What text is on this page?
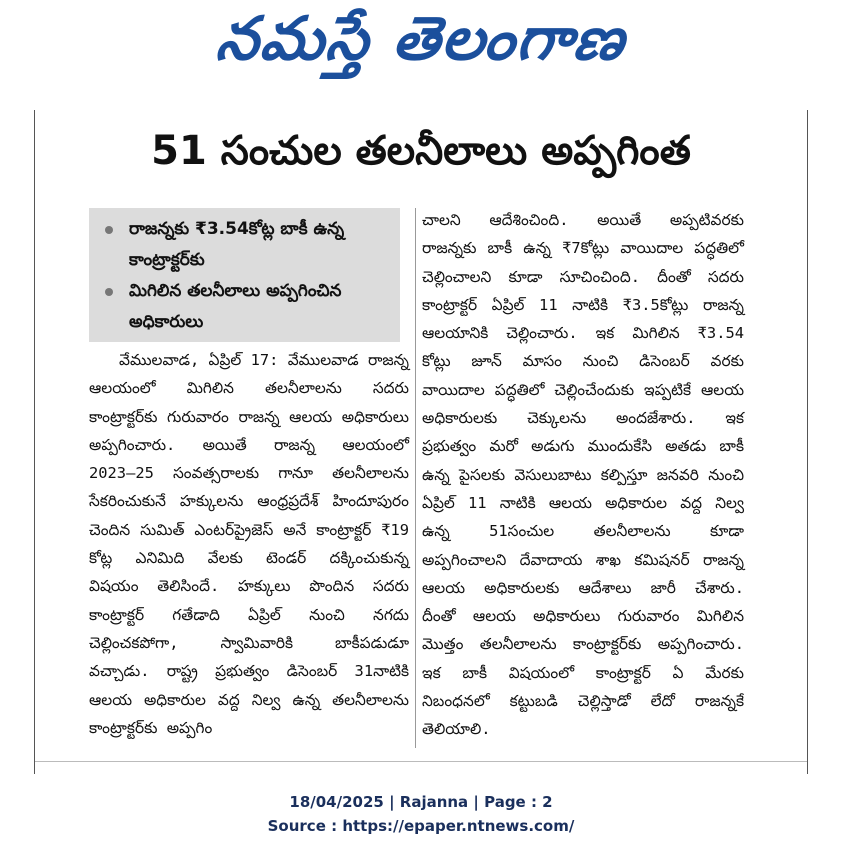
నమస్తే తెలంగాణ
51 సంచుల తలనీలాలు అప్పగింత
రాజన్నకు ₹3.54కోట్ల బాకీ ఉన్న కాంట్రాక్టర్‌కు
మిగిలిన తలనీలాలు అప్పగించిన అధికారులు

వేములవాడ, ఏప్రిల్ 17: వేములవాడ రాజన్న ఆలయంలో మిగిలిన తలనీలాలను సదరు కాంట్రాక్టర్‌కు గురువారం రాజన్న ఆలయ అధికారులు అప్పగించారు. అయితే రాజన్న ఆలయంలో 2023–25 సంవత్సరాలకు గానూ తలనీలాలను సేకరించుకునే హక్కులను ఆంధ్రప్రదేశ్ హిందూపురం చెందిన సుమిత్ ఎంటర్‌ప్రైజెస్ అనే కాంట్రాక్టర్ ₹19 కోట్ల ఎనిమిది వేలకు టెండర్ దక్కించుకున్న విషయం తెలిసిందే. హక్కులు పొందిన సదరు కాంట్రాక్టర్ గతేడాది ఏప్రిల్ నుంచి నగదు చెల్లించకపోగా, స్వామివారికి బాకీపడుడూ వచ్చాడు. రాష్ట్ర ప్రభుత్వం డిసెంబర్ 31నాటికి ఆలయ అధికారుల వద్ద నిల్వ ఉన్న తలనీలాలను కాంట్రాక్టర్‌కు అప్పగిం

చాలని ఆదేశించింది. అయితే అప్పటివరకు రాజన్నకు బాకీ ఉన్న ₹7కోట్లు వాయిదాల పద్ధతిలో చెల్లించాలని కూడా సూచించింది. దీంతో సదరు కాంట్రాక్టర్ ఏప్రిల్ 11 నాటికి ₹3.5కోట్లు రాజన్న ఆలయానికి చెల్లించారు. ఇక మిగిలిన ₹3.54 కోట్లు జూన్ మాసం నుంచి డిసెంబర్ వరకు వాయిదాల పద్ధతిలో చెల్లించేందుకు ఇప్పటికే ఆలయ అధికారులకు చెక్కులను అందజేశారు. ఇక ప్రభుత్వం మరో అడుగు ముందుకేసి అతడు బాకీ ఉన్న పైసలకు వెసులుబాటు కల్పిస్తూ జనవరి నుంచి ఏప్రిల్ 11 నాటికి ఆలయ అధికారుల వద్ద నిల్వ ఉన్న 51సంచుల తలనీలాలను కూడా అప్పగించాలని దేవాదాయ శాఖ కమిషనర్ రాజన్న ఆలయ అధికారులకు ఆదేశాలు జారీ చేశారు. దీంతో ఆలయ అధికారులు గురువారం మిగిలిన మొత్తం తలనీలాలను కాంట్రాక్టర్‌కు అప్పగించారు. ఇక బాకీ విషయంలో కాంట్రాక్టర్ ఏ మేరకు నిబంధనలో కట్టుబడి చెల్లిస్తాడో లేదో రాజన్నకే తెలియాలి.

18/04/2025 | Rajanna | Page : 2
Source : https://epaper.ntnews.com/
